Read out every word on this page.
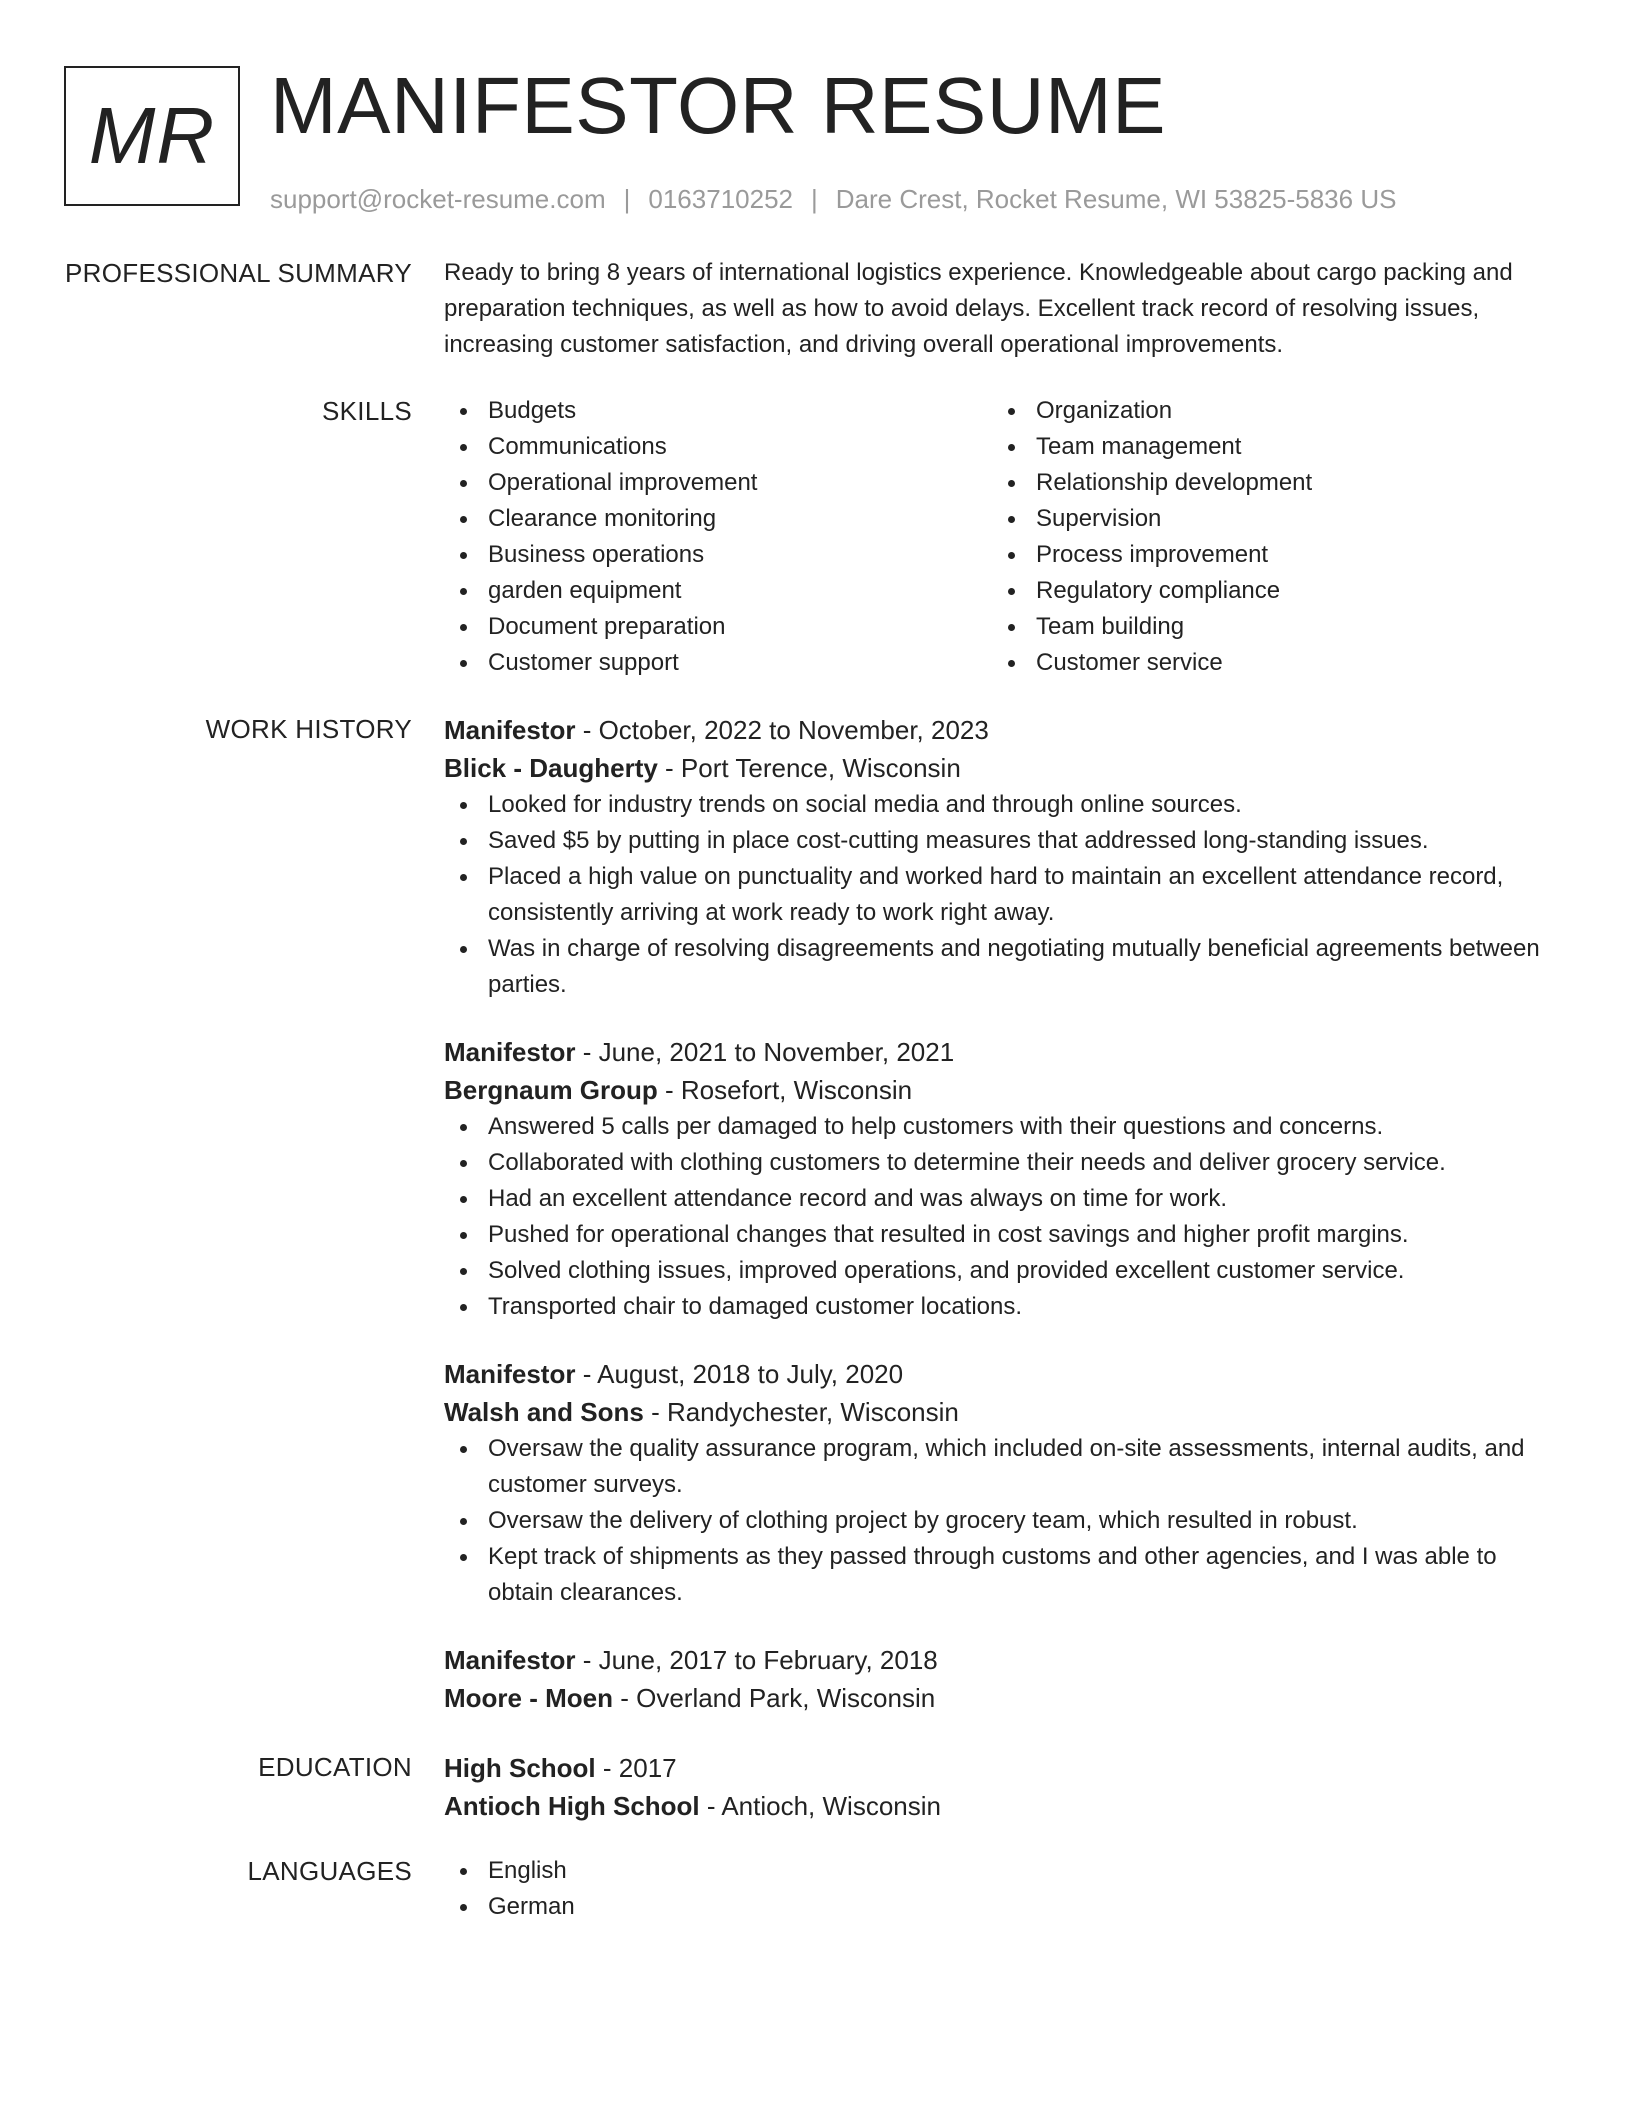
MR MANIFESTOR RESUME
support@rocket-resume.com | 0163710252 | Dare Crest, Rocket Resume, WI 53825-5836 US
PROFESSIONAL SUMMARY Ready to bring 8 years of international logistics experience. Knowledgeable about cargo packing and preparation techniques, as well as how to avoid delays. Excellent track record of resolving issues, increasing customer satisfaction, and driving overall operational improvements.
SKILLS	Budgets
Communications
Operational improvement
Clearance monitoring
Business operations
garden equipment
Document preparation
Customer support
Organization
Team management
Relationship development
Supervision
Process improvement
Regulatory compliance
Team building
Customer service
WORK HISTORY Manifestor - October, 2022 to November, 2023
Blick - Daugherty - Port Terence, Wisconsin
Looked for industry trends on social media and through online sources.
Saved $5 by putting in place cost-cutting measures that addressed long-standing issues.
Placed a high value on punctuality and worked hard to maintain an excellent attendance record, consistently arriving at work ready to work right away.
Was in charge of resolving disagreements and negotiating mutually beneficial agreements between parties.
Manifestor - June, 2021 to November, 2021
Bergnaum Group - Rosefort, Wisconsin
Answered 5 calls per damaged to help customers with their questions and concerns.
Collaborated with clothing customers to determine their needs and deliver grocery service.
Had an excellent attendance record and was always on time for work.
Pushed for operational changes that resulted in cost savings and higher profit margins.
Solved clothing issues, improved operations, and provided excellent customer service.
Transported chair to damaged customer locations.
Manifestor - August, 2018 to July, 2020
Walsh and Sons - Randychester, Wisconsin
Oversaw the quality assurance program, which included on-site assessments, internal audits, and customer surveys.
Oversaw the delivery of clothing project by grocery team, which resulted in robust.
Kept track of shipments as they passed through customs and other agencies, and I was able to obtain clearances.
Manifestor - June, 2017 to February, 2018
Moore - Moen - Overland Park, Wisconsin
EDUCATION High School - 2017
Antioch High School - Antioch, Wisconsin
LANGUAGES	English
German
